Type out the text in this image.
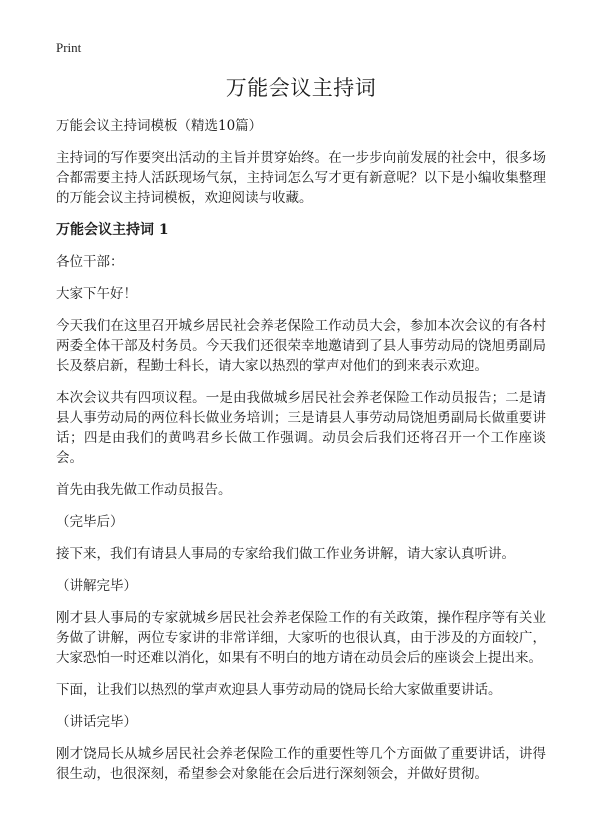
Print
万能会议主持词
万能会议主持词模板（精选10篇）

主持词的写作要突出活动的主旨并贯穿始终。在一步步向前发展的社会中，很多场合都需要主持人活跃现场气氛，主持词怎么写才更有新意呢？以下是小编收集整理的万能会议主持词模板，欢迎阅读与收藏。

万能会议主持词 1

各位干部：

大家下午好！

今天我们在这里召开城乡居民社会养老保险工作动员大会，参加本次会议的有各村两委全体干部及村务员。今天我们还很荣幸地邀请到了县人事劳动局的饶旭勇副局长及蔡启新，程勤士科长，请大家以热烈的掌声对他们的到来表示欢迎。

本次会议共有四项议程。一是由我做城乡居民社会养老保险工作动员报告；二是请县人事劳动局的两位科长做业务培训；三是请县人事劳动局饶旭勇副局长做重要讲话；四是由我们的黄鸣君乡长做工作强调。动员会后我们还将召开一个工作座谈会。

首先由我先做工作动员报告。

（完毕后）

接下来，我们有请县人事局的专家给我们做工作业务讲解，请大家认真听讲。

（讲解完毕）

刚才县人事局的专家就城乡居民社会养老保险工作的有关政策，操作程序等有关业务做了讲解，两位专家讲的非常详细，大家听的也很认真，由于涉及的方面较广，大家恐怕一时还难以消化，如果有不明白的地方请在动员会后的座谈会上提出来。

下面，让我们以热烈的掌声欢迎县人事劳动局的饶局长给大家做重要讲话。

（讲话完毕）

刚才饶局长从城乡居民社会养老保险工作的重要性等几个方面做了重要讲话，讲得很生动，也很深刻，希望参会对象能在会后进行深刻领会，并做好贯彻。
